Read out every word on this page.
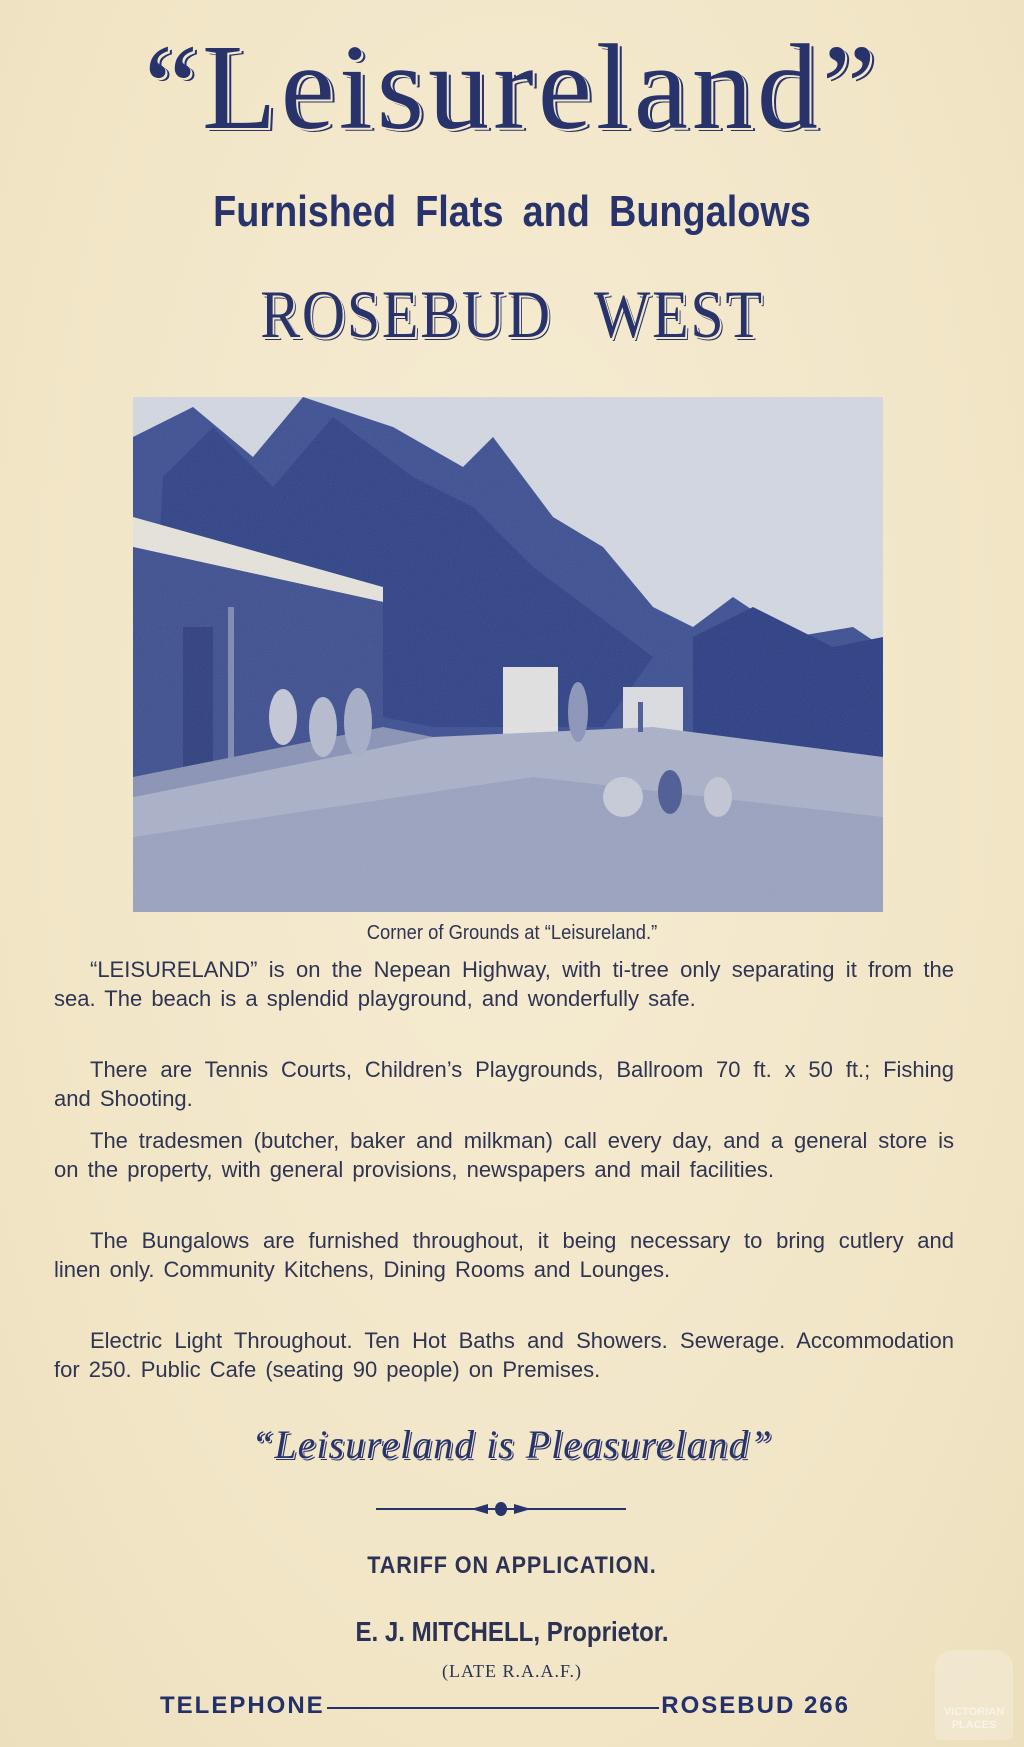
“Leisureland”
Furnished Flats and Bungalows
ROSEBUD WEST
Corner of Grounds at “Leisureland.”

“LEISURELAND” is on the Nepean Highway, with ti-tree only separating it from the sea. The beach is a splendid playground, and wonderfully safe.

There are Tennis Courts, Children’s Playgrounds, Ballroom 70 ft. x 50 ft.; Fishing and Shooting.

The tradesmen (butcher, baker and milkman) call every day, and a general store is on the property, with general provisions, newspapers and mail facilities.

The Bungalows are furnished throughout, it being necessary to bring cutlery and linen only. Community Kitchens, Dining Rooms and Lounges.

Electric Light Throughout. Ten Hot Baths and Showers. Sewerage. Accommodation for 250. Public Cafe (seating 90 people) on Premises.

“Leisureland is Pleasureland”
TARIFF ON APPLICATION.
E. J. MITCHELL, Proprietor.
(LATE R.A.A.F.)
TELEPHONE	ROSEBUD 266	VICTORIAN
PLACES
